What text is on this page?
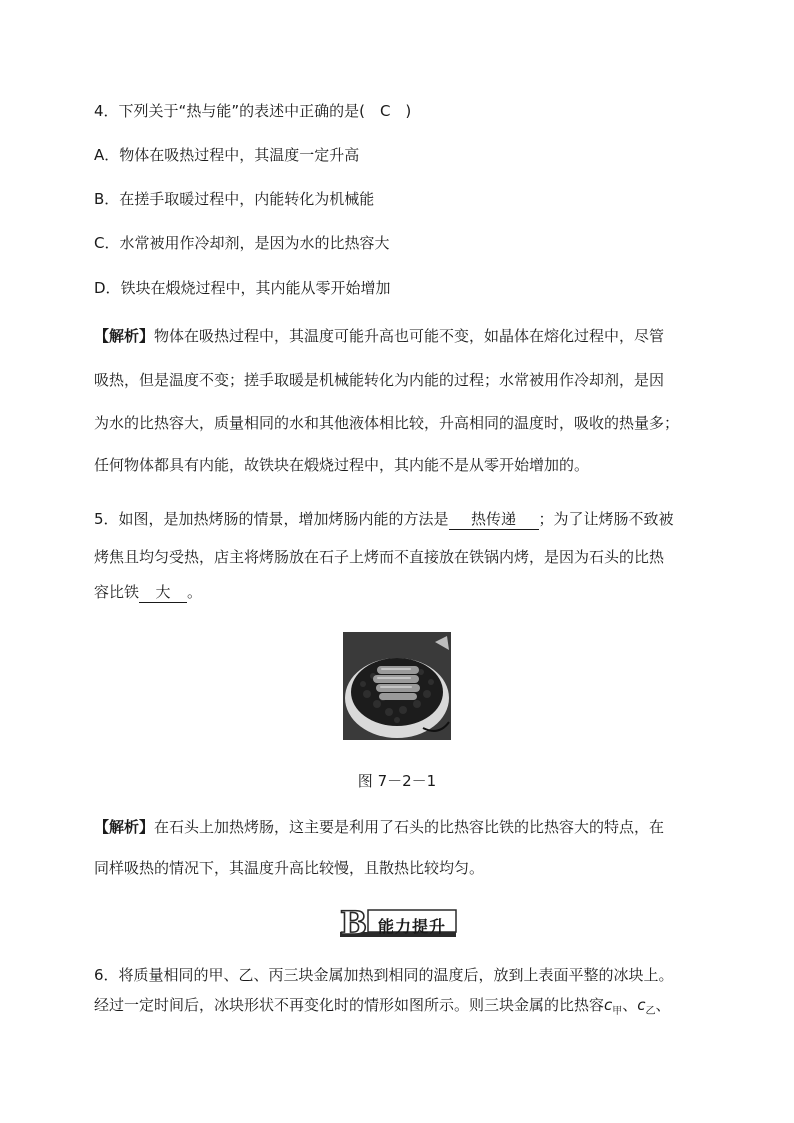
4．下列关于“热与能”的表述中正确的是(　C　)
A．物体在吸热过程中，其温度一定升高
B．在搓手取暖过程中，内能转化为机械能
C．水常被用作冷却剂，是因为水的比热容大
D．铁块在煅烧过程中，其内能从零开始增加
【解析】物体在吸热过程中，其温度可能升高也可能不变，如晶体在熔化过程中，尽管
吸热，但是温度不变；搓手取暖是机械能转化为内能的过程；水常被用作冷却剂，是因
为水的比热容大，质量相同的水和其他液体相比较，升高相同的温度时，吸收的热量多；
任何物体都具有内能，故铁块在煅烧过程中，其内能不是从零开始增加的。
5．如图，是加热烤肠的情景，增加烤肠内能的方法是 热传递 ；为了让烤肠不致被
烤焦且均匀受热，店主将烤肠放在石子上烤而不直接放在铁锅内烤，是因为石头的比热
容比铁 大 。
图 7－2－1
【解析】在石头上加热烤肠，这主要是利用了石头的比热容比铁的比热容大的特点，在
同样吸热的情况下，其温度升高比较慢，且散热比较均匀。
B 能力提升
6．将质量相同的甲、乙、丙三块金属加热到相同的温度后，放到上表面平整的冰块上。
经过一定时间后，冰块形状不再变化时的情形如图所示。则三块金属的比热容$c_甲$、$c_乙$、
